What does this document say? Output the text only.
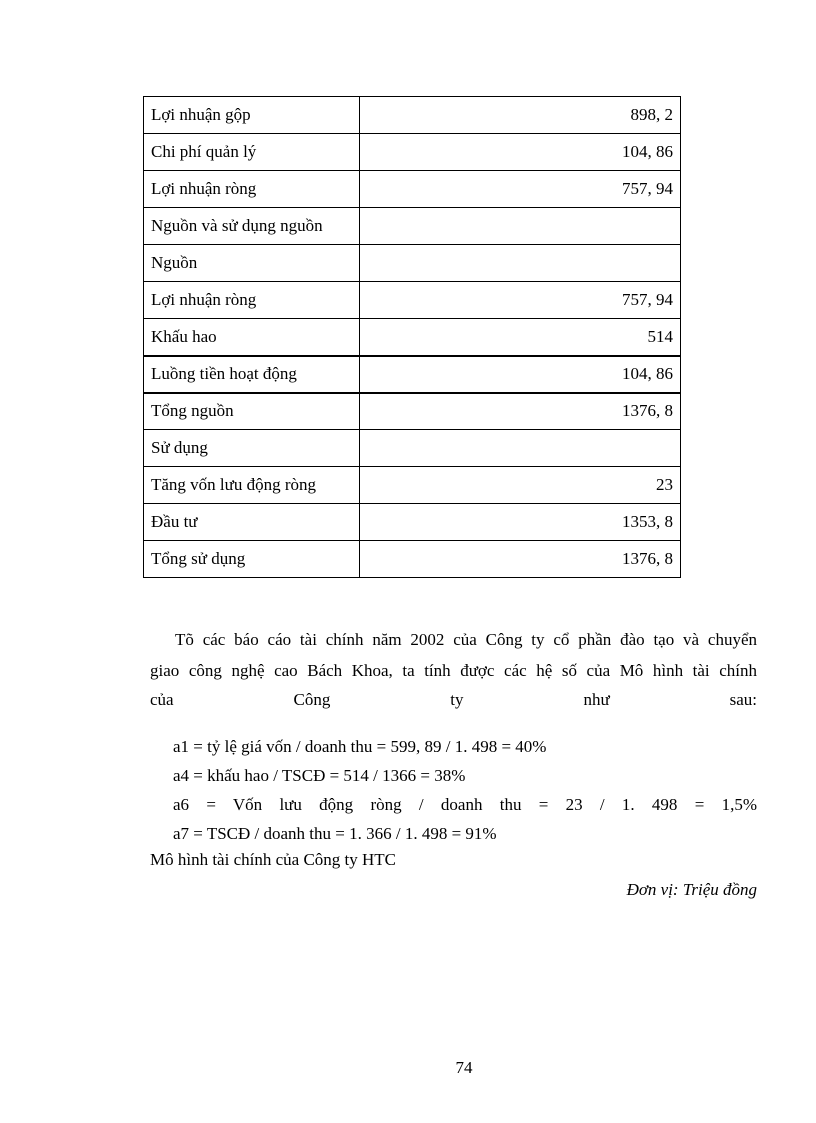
Lợi nhuận gộp	898, 2
Chi phí quản lý	104, 86
Lợi nhuận ròng	757, 94
Nguồn và sử dụng nguồn	
Nguồn	
Lợi nhuận ròng	757, 94
Khấu hao	514
Luồng tiền hoạt động	104, 86
Tổng nguồn	1376, 8
Sử dụng	
Tăng vốn lưu động ròng	23
Đầu tư	1353, 8
Tổng sử dụng	1376, 8
Tõ các báo cáo tài chính năm 2002 của Công ty cổ phần đào tạo và chuyển
giao công nghệ cao Bách Khoa, ta tính được các hệ số của Mô hình tài chính
của	Công	ty	như	sau:
a1 = tỷ lệ giá vốn / doanh thu = 599, 89 / 1. 498 = 40%
a4 = khấu hao / TSCĐ = 514 / 1366 = 38%
a6 = Vốn lưu động ròng / doanh thu = 23 / 1. 498 = 1,5%
a7 = TSCĐ / doanh thu = 1. 366 / 1. 498 = 91%
Mô hình tài chính của Công ty HTC
Đơn vị: Triệu đồng
74
